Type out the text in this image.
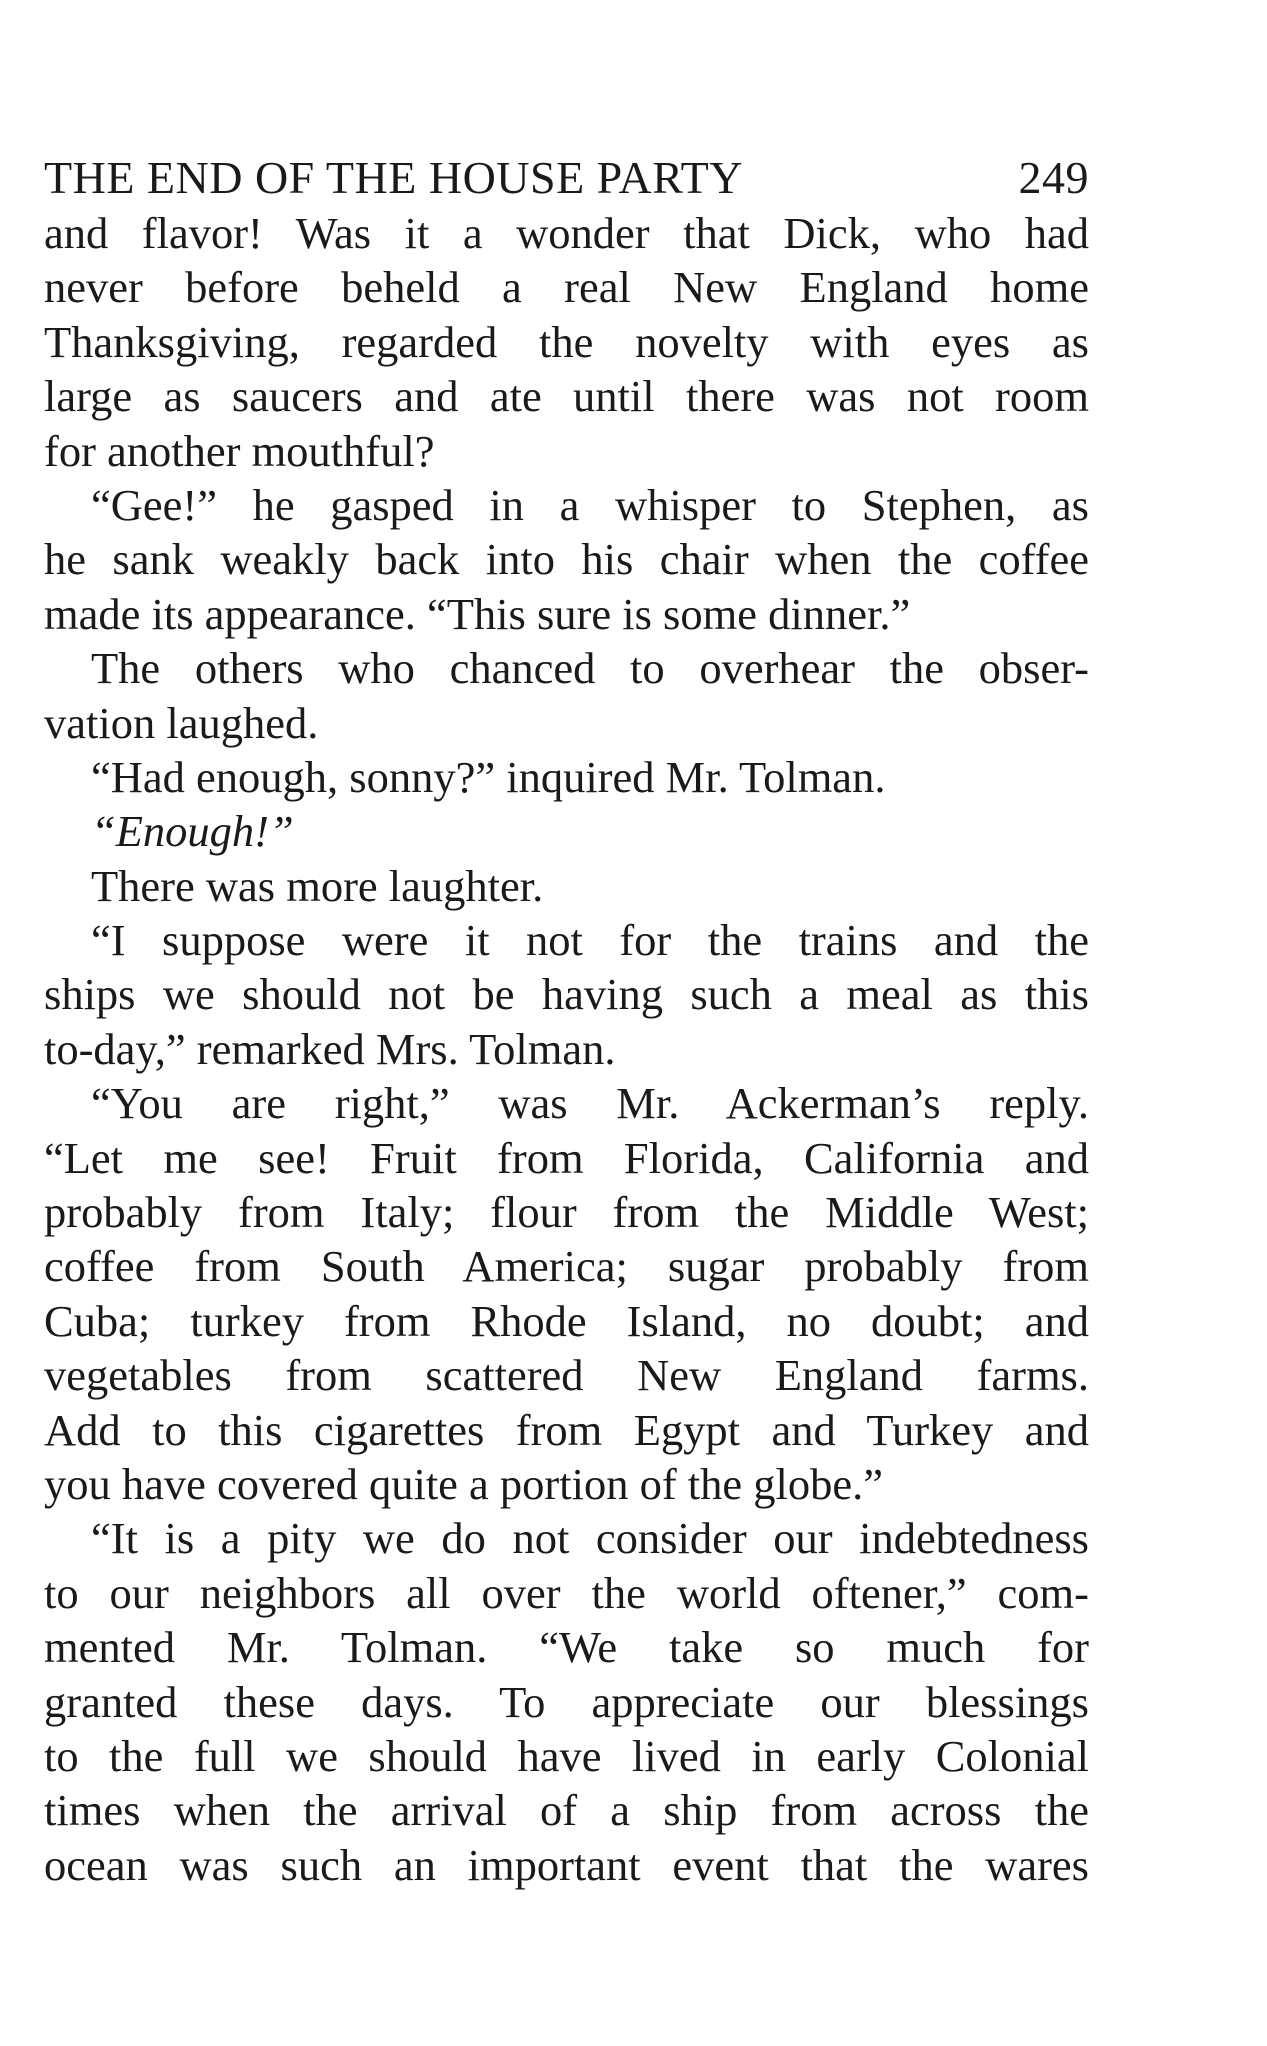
THE END OF THE HOUSE PARTY	249
and flavor! Was it a wonder that Dick, who had
never before beheld a real New England home
Thanksgiving, regarded the novelty with eyes as
large as saucers and ate until there was not room
for another mouthful?
“Gee!” he gasped in a whisper to Stephen, as
he sank weakly back into his chair when the coffee
made its appearance. “This sure is some dinner.”
The others who chanced to overhear the obser-
vation laughed.
“Had enough, sonny?” inquired Mr. Tolman.
“Enough!”
There was more laughter.
“I suppose were it not for the trains and the
ships we should not be having such a meal as this
to-day,” remarked Mrs. Tolman.
“You are right,” was Mr. Ackerman’s reply.
“Let me see! Fruit from Florida, California and
probably from Italy; flour from the Middle West;
coffee from South America; sugar probably from
Cuba; turkey from Rhode Island, no doubt; and
vegetables from scattered New England farms.
Add to this cigarettes from Egypt and Turkey and
you have covered quite a portion of the globe.”
“It is a pity we do not consider our indebtedness
to our neighbors all over the world oftener,” com-
mented Mr. Tolman. “We take so much for
granted these days. To appreciate our blessings
to the full we should have lived in early Colonial
times when the arrival of a ship from across the
ocean was such an important event that the wares
